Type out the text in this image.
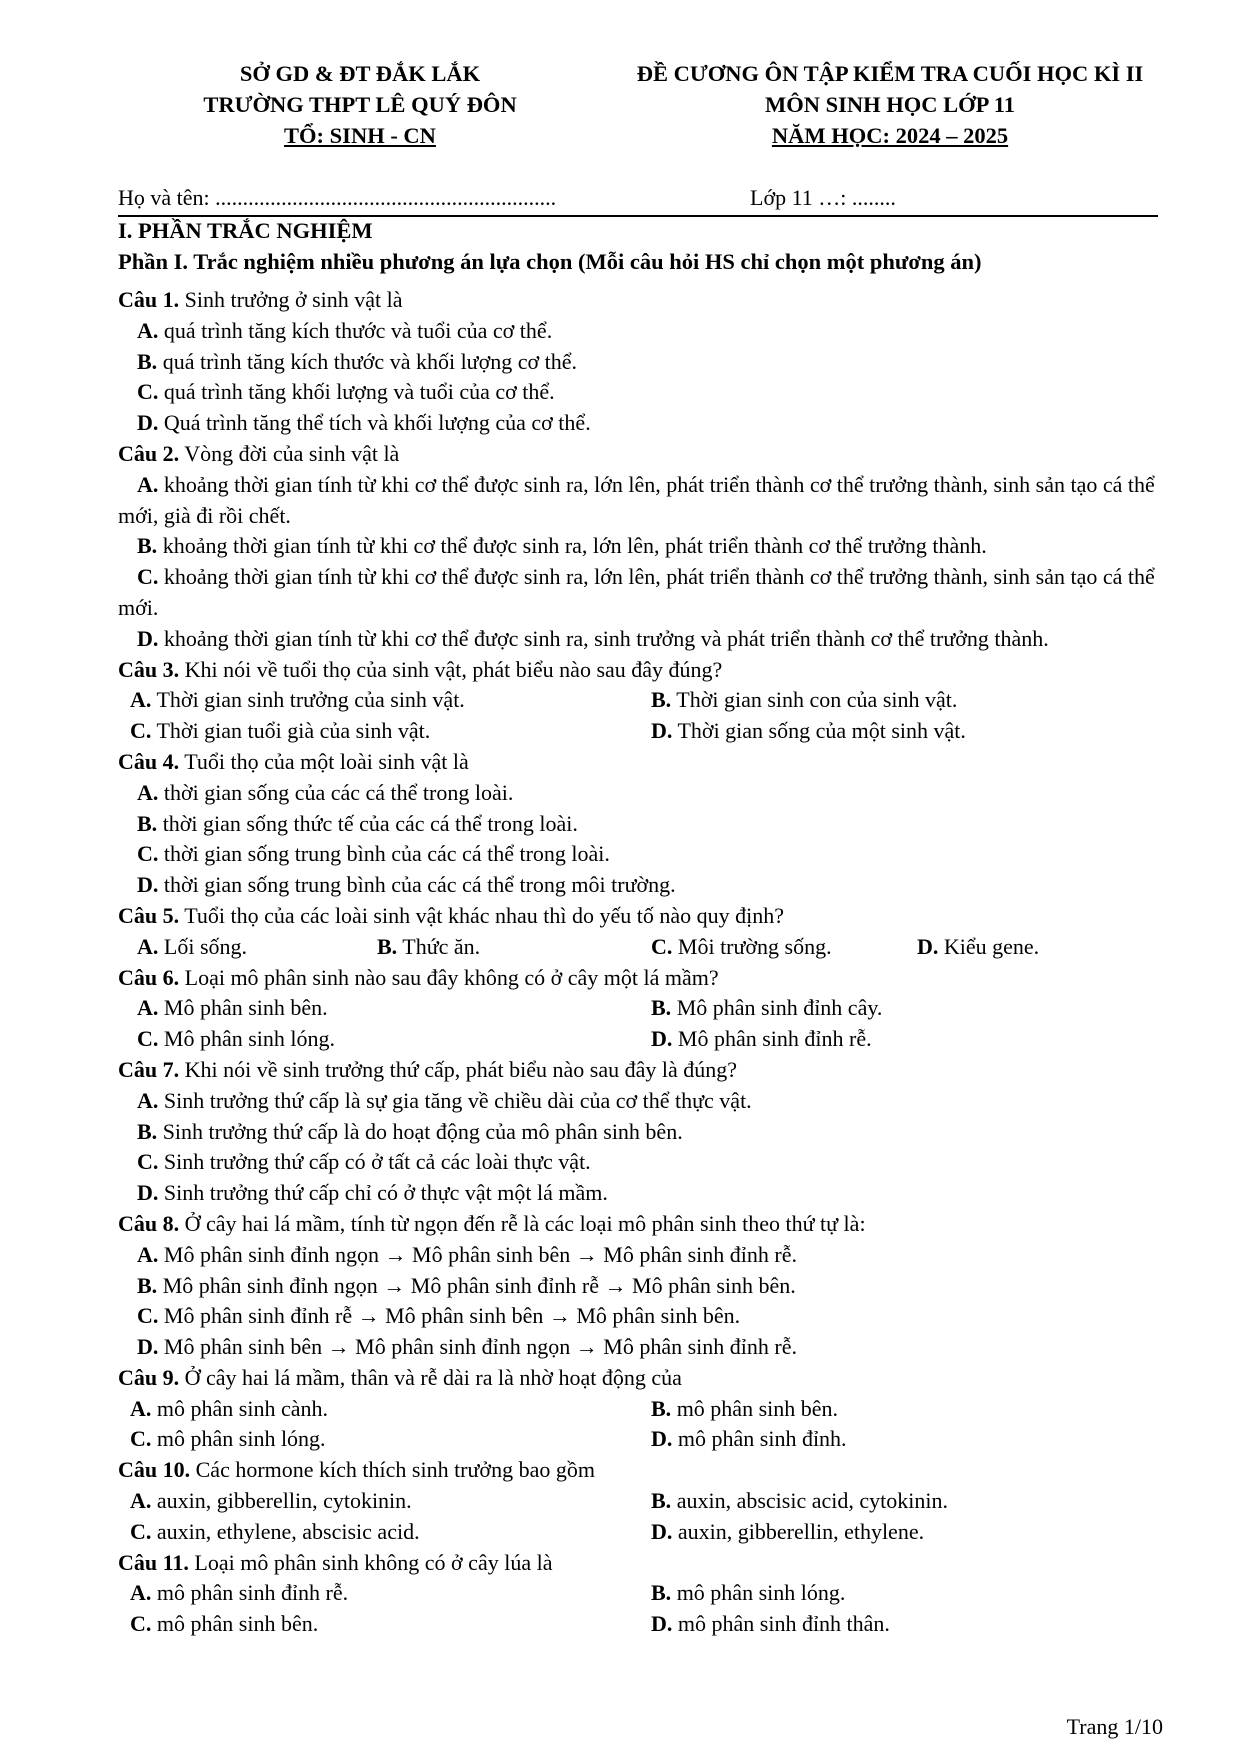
SỞ GD & ĐT ĐẮK LẮK
TRƯỜNG THPT LÊ QUÝ ĐÔN
TỔ: SINH - CN
ĐỀ CƯƠNG ÔN TẬP KIỂM TRA CUỐI HỌC KÌ II
MÔN SINH HỌC LỚP 11
NĂM HỌC: 2024 – 2025
Họ và tên: ..............................................................	Lớp 11 …: ........
I. PHẦN TRẮC NGHIỆM
Phần I. Trắc nghiệm nhiều phương án lựa chọn (Mỗi câu hỏi HS chỉ chọn một phương án)
Câu 1. Sinh trưởng ở sinh vật là
A. quá trình tăng kích thước và tuổi của cơ thể.
B. quá trình tăng kích thước và khối lượng cơ thể.
C. quá trình tăng khối lượng và tuổi của cơ thể.
D. Quá trình tăng thể tích và khối lượng của cơ thể.
Câu 2. Vòng đời của sinh vật là
A. khoảng thời gian tính từ khi cơ thể được sinh ra, lớn lên, phát triển thành cơ thể trưởng thành, sinh sản tạo cá thể mới, già đi rồi chết.
B. khoảng thời gian tính từ khi cơ thể được sinh ra, lớn lên, phát triển thành cơ thể trưởng thành.
C. khoảng thời gian tính từ khi cơ thể được sinh ra, lớn lên, phát triển thành cơ thể trưởng thành, sinh sản tạo cá thể mới.
D. khoảng thời gian tính từ khi cơ thể được sinh ra, sinh trưởng và phát triển thành cơ thể trưởng thành.
Câu 3. Khi nói về tuổi thọ của sinh vật, phát biểu nào sau đây đúng?
A. Thời gian sinh trưởng của sinh vật.	B. Thời gian sinh con của sinh vật.
C. Thời gian tuổi già của sinh vật.	D. Thời gian sống của một sinh vật.
Câu 4. Tuổi thọ của một loài sinh vật là
A. thời gian sống của các cá thể trong loài.
B. thời gian sống thức tế của các cá thể trong loài.
C. thời gian sống trung bình của các cá thể trong loài.
D. thời gian sống trung bình của các cá thể trong môi trường.
Câu 5. Tuổi thọ của các loài sinh vật khác nhau thì do yếu tố nào quy định?
A. Lối sống.	B. Thức ăn.	C. Môi trường sống.	D. Kiểu gene.
Câu 6. Loại mô phân sinh nào sau đây không có ở cây một lá mầm?
A. Mô phân sinh bên.	B. Mô phân sinh đỉnh cây.
C. Mô phân sinh lóng.	D. Mô phân sinh đỉnh rễ.
Câu 7. Khi nói về sinh trưởng thứ cấp, phát biểu nào sau đây là đúng?
A. Sinh trưởng thứ cấp là sự gia tăng về chiều dài của cơ thể thực vật.
B. Sinh trưởng thứ cấp là do hoạt động của mô phân sinh bên.
C. Sinh trưởng thứ cấp có ở tất cả các loài thực vật.
D. Sinh trưởng thứ cấp chỉ có ở thực vật một lá mầm.
Câu 8. Ở cây hai lá mầm, tính từ ngọn đến rễ là các loại mô phân sinh theo thứ tự là:
A. Mô phân sinh đỉnh ngọn → Mô phân sinh bên → Mô phân sinh đỉnh rễ.
B. Mô phân sinh đỉnh ngọn → Mô phân sinh đỉnh rễ → Mô phân sinh bên.
C. Mô phân sinh đỉnh rễ → Mô phân sinh bên → Mô phân sinh bên.
D. Mô phân sinh bên → Mô phân sinh đỉnh ngọn → Mô phân sinh đỉnh rễ.
Câu 9. Ở cây hai lá mầm, thân và rễ dài ra là nhờ hoạt động của
A. mô phân sinh cành.	B. mô phân sinh bên.
C. mô phân sinh lóng.	D. mô phân sinh đỉnh.
Câu 10. Các hormone kích thích sinh trưởng bao gồm
A. auxin, gibberellin, cytokinin.	B. auxin, abscisic acid, cytokinin.
C. auxin, ethylene, abscisic acid.	D. auxin, gibberellin, ethylene.
Câu 11. Loại mô phân sinh không có ở cây lúa là
A. mô phân sinh đỉnh rễ.	B. mô phân sinh lóng.
C. mô phân sinh bên.	D. mô phân sinh đỉnh thân.
Trang 1/10
